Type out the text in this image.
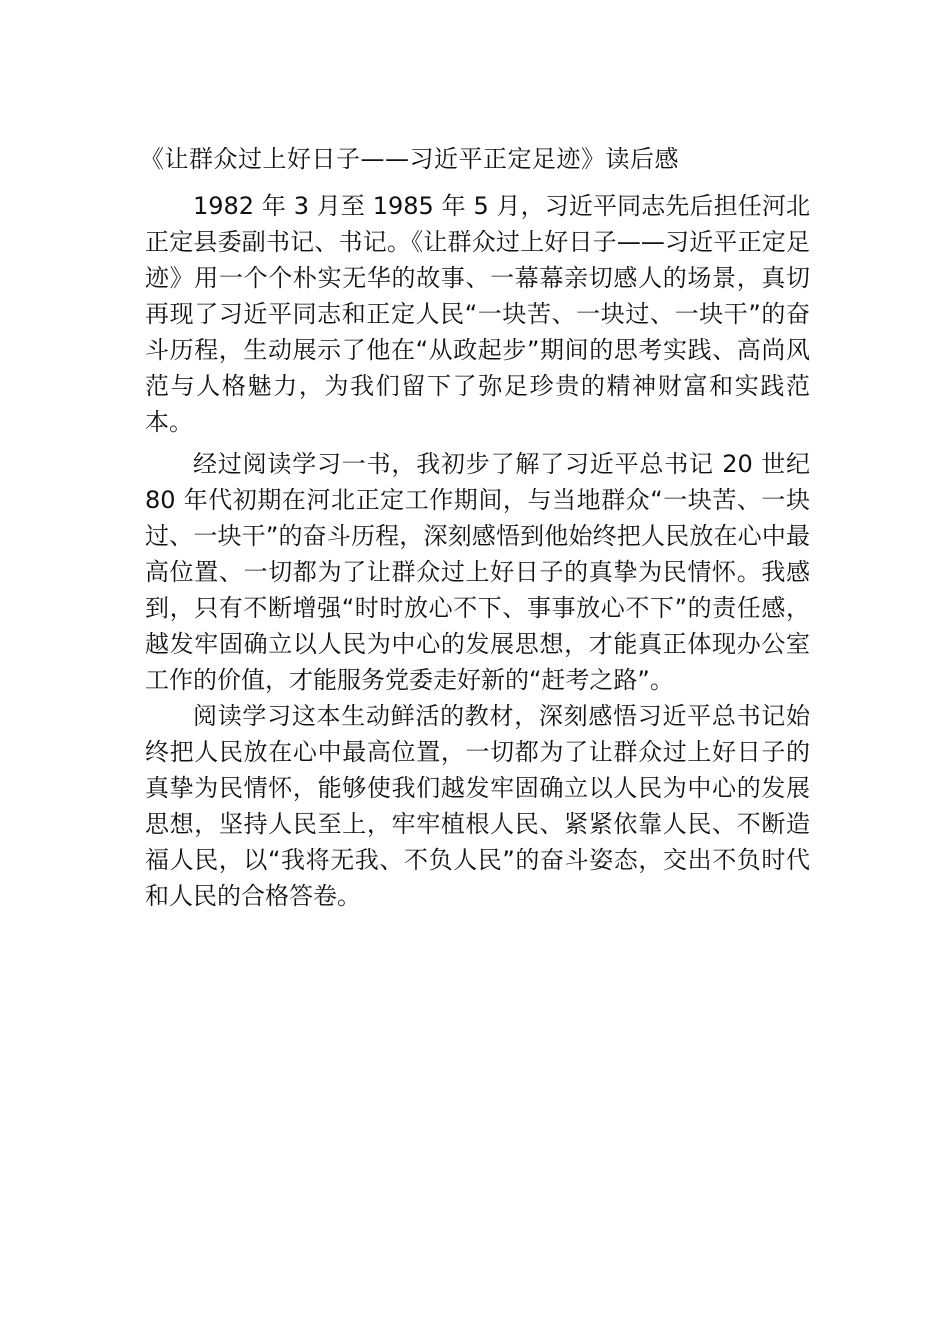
《让群众过上好日子——习近平正定足迹》读后感

1982 年 3 月至 1985 年 5 月，习近平同志先后担任河北正定县委副书记、书记。《让群众过上好日子——习近平正定足迹》用一个个朴实无华的故事、一幕幕亲切感人的场景，真切再现了习近平同志和正定人民“一块苦、一块过、一块干”的奋斗历程，生动展示了他在“从政起步”期间的思考实践、高尚风范与人格魅力，为我们留下了弥足珍贵的精神财富和实践范本。

经过阅读学习一书，我初步了解了习近平总书记 20 世纪 80 年代初期在河北正定工作期间，与当地群众“一块苦、一块过、一块干”的奋斗历程，深刻感悟到他始终把人民放在心中最高位置、一切都为了让群众过上好日子的真挚为民情怀。我感到，只有不断增强“时时放心不下、事事放心不下”的责任感，越发牢固确立以人民为中心的发展思想，才能真正体现办公室工作的价值，才能服务党委走好新的“赶考之路”。

阅读学习这本生动鲜活的教材，深刻感悟习近平总书记始终把人民放在心中最高位置，一切都为了让群众过上好日子的真挚为民情怀，能够使我们越发牢固确立以人民为中心的发展思想，坚持人民至上，牢牢植根人民、紧紧依靠人民、不断造福人民，以“我将无我、不负人民”的奋斗姿态，交出不负时代和人民的合格答卷。
